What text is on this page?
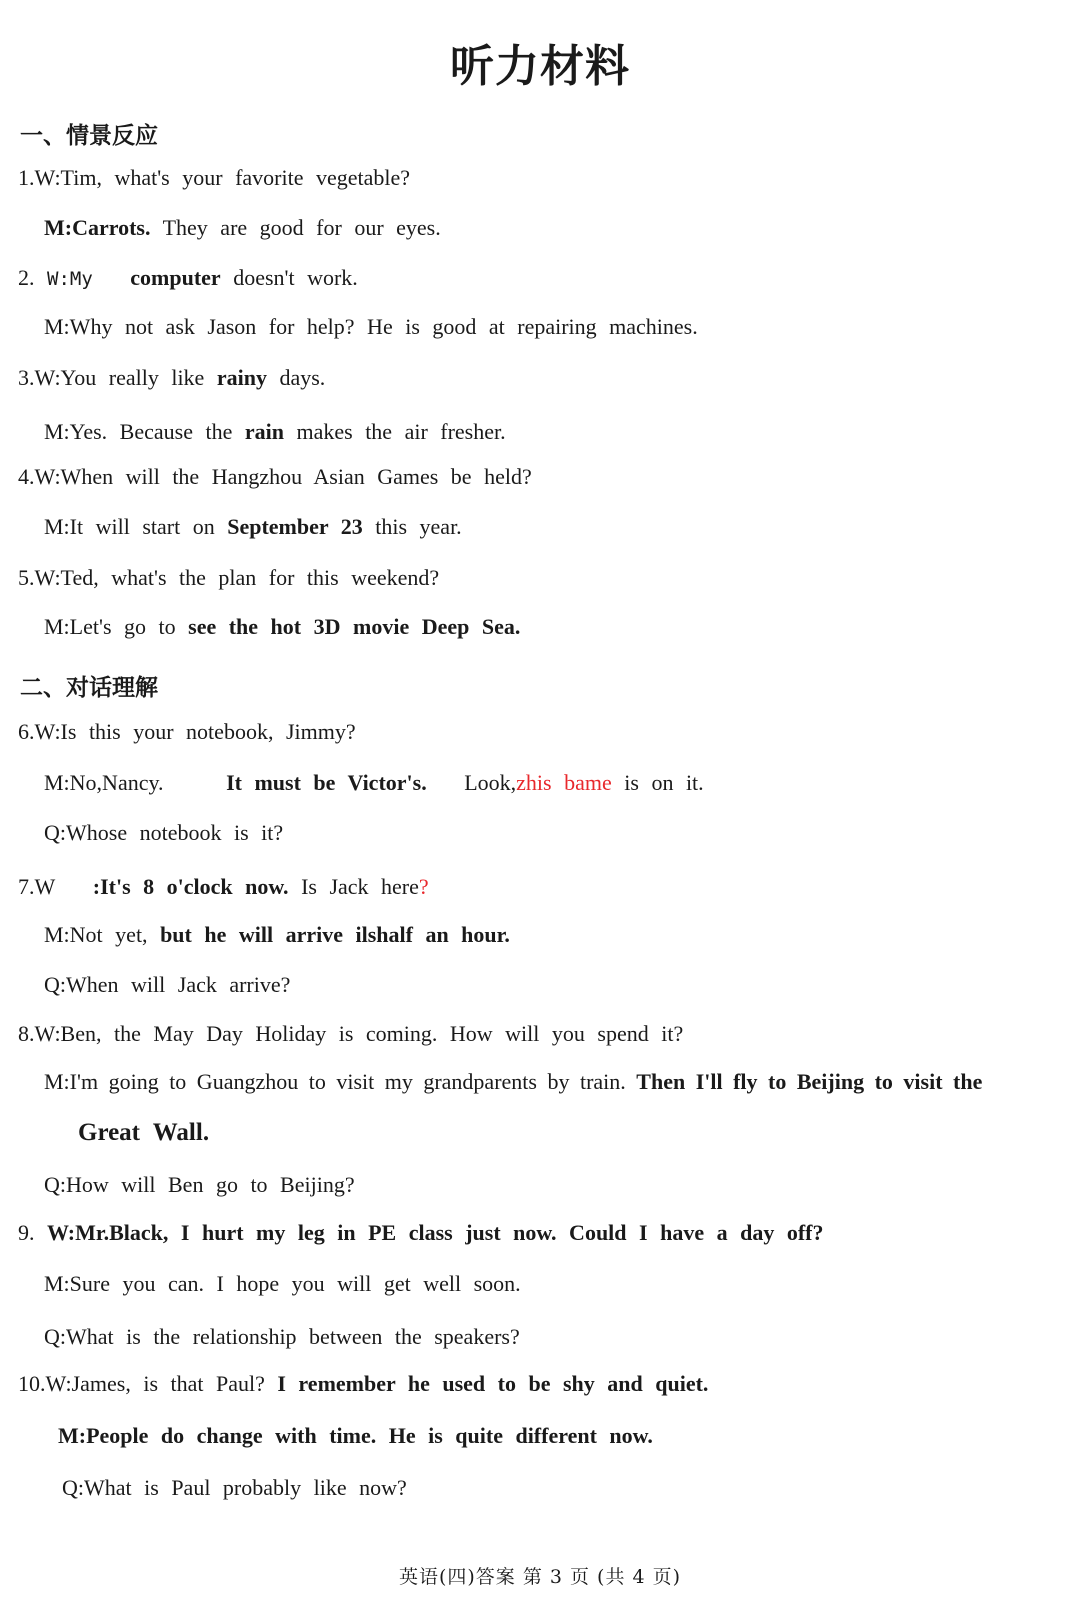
听力材料
一、情景反应
1.W:Tim, what's your favorite vegetable?
M:Carrots. They are good for our eyes.
2. W:My computer doesn't work.
M:Why not ask Jason for help? He is good at repairing machines.
3.W:You really like rainy days.
M:Yes. Because the rain makes the air fresher.
4.W:When will the Hangzhou Asian Games be held?
M:It will start on September 23 this year.
5.W:Ted, what's the plan for this weekend?
M:Let's go to see the hot 3D movie Deep Sea.
二、对话理解
6.W:Is this your notebook, Jimmy?
M:No,Nancy.	It must be Victor's. Look,zhis bame is on it.
Q:Whose notebook is it?
7.W :It's 8 o'clock now. Is Jack here?
M:Not yet, but he will arrive ilshalf an hour.
Q:When will Jack arrive?
8.W:Ben, the May Day Holiday is coming. How will you spend it?
M:I'm going to Guangzhou to visit my grandparents by train. Then I'll fly to Beijing to visit the
Great Wall.
Q:How will Ben go to Beijing?
9. W:Mr.Black, I hurt my leg in PE class just now. Could I have a day off?
M:Sure you can. I hope you will get well soon.
Q:What is the relationship between the speakers?
10.W:James, is that Paul? I remember he used to be shy and quiet.
M:People do change with time. He is quite different now.
Q:What is Paul probably like now?
英语(四)答案 第 3 页 (共 4 页)
